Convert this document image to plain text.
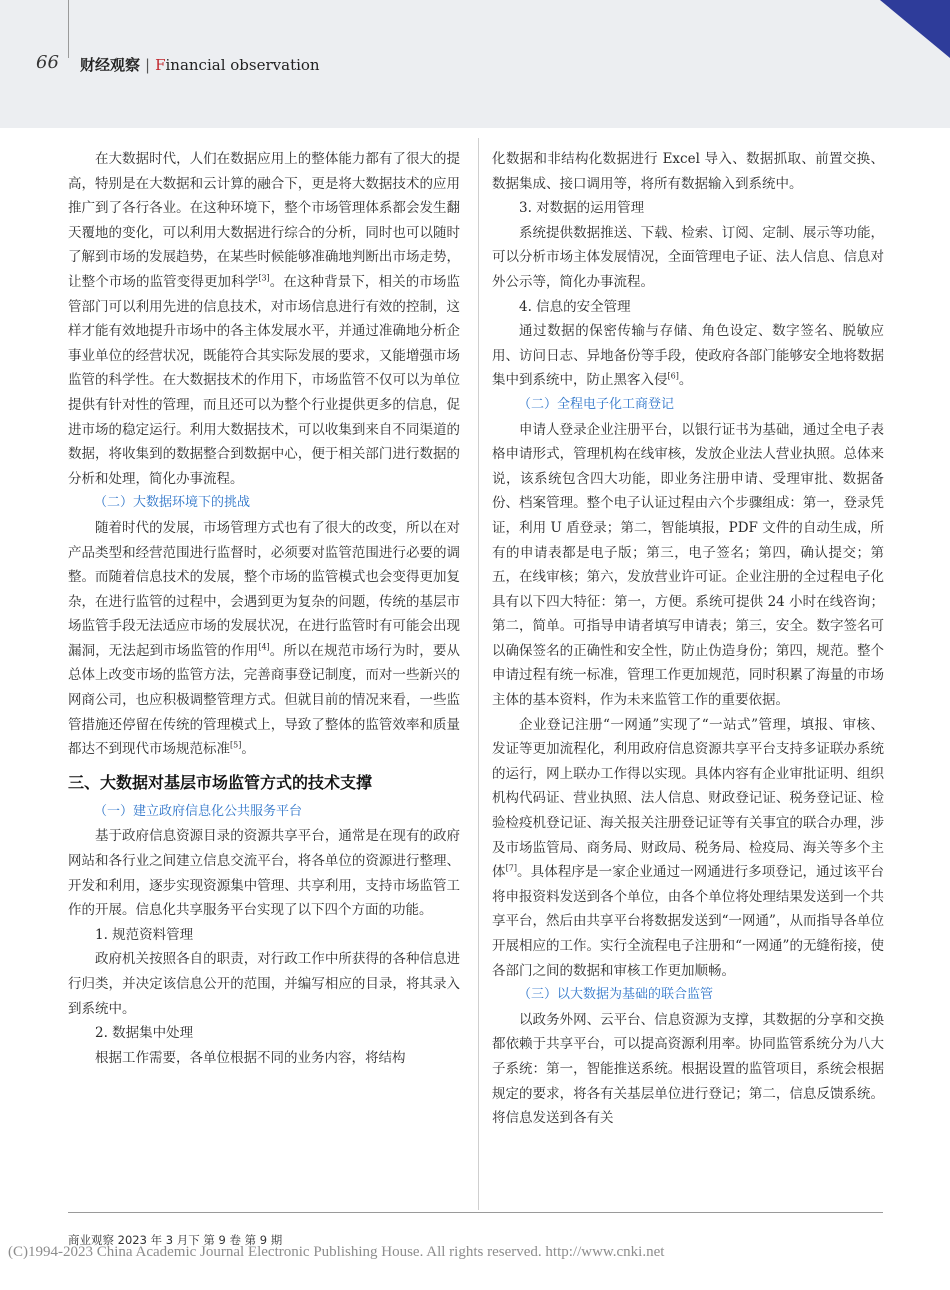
66 财经观察 | Financial observation

在大数据时代，人们在数据应用上的整体能力都有了很大的提高，特别是在大数据和云计算的融合下，更是将大数据技术的应用推广到了各行各业。在这种环境下，整个市场管理体系都会发生翻天覆地的变化，可以利用大数据进行综合的分析，同时也可以随时了解到市场的发展趋势，在某些时候能够准确地判断出市场走势，让整个市场的监管变得更加科学[3]。在这种背景下，相关的市场监管部门可以利用先进的信息技术，对市场信息进行有效的控制，这样才能有效地提升市场中的各主体发展水平，并通过准确地分析企事业单位的经营状况，既能符合其实际发展的要求，又能增强市场监管的科学性。在大数据技术的作用下，市场监管不仅可以为单位提供有针对性的管理，而且还可以为整个行业提供更多的信息，促进市场的稳定运行。利用大数据技术，可以收集到来自不同渠道的数据，将收集到的数据整合到数据中心，便于相关部门进行数据的分析和处理，简化办事流程。

（二）大数据环境下的挑战

随着时代的发展，市场管理方式也有了很大的改变，所以在对产品类型和经营范围进行监督时，必须要对监管范围进行必要的调整。而随着信息技术的发展，整个市场的监管模式也会变得更加复杂，在进行监管的过程中，会遇到更为复杂的问题，传统的基层市场监管手段无法适应市场的发展状况，在进行监管时有可能会出现漏洞，无法起到市场监管的作用[4]。所以在规范市场行为时，要从总体上改变市场的监管方法，完善商事登记制度，而对一些新兴的网商公司，也应积极调整管理方式。但就目前的情况来看，一些监管措施还停留在传统的管理模式上，导致了整体的监管效率和质量都达不到现代市场规范标准[5]。

三、大数据对基层市场监管方式的技术支撑
（一）建立政府信息化公共服务平台

基于政府信息资源目录的资源共享平台，通常是在现有的政府网站和各行业之间建立信息交流平台，将各单位的资源进行整理、开发和利用，逐步实现资源集中管理、共享利用，支持市场监管工作的开展。信息化共享服务平台实现了以下四个方面的功能。

1. 规范资料管理

政府机关按照各自的职责，对行政工作中所获得的各种信息进行归类，并决定该信息公开的范围，并编写相应的目录，将其录入到系统中。

2. 数据集中处理

根据工作需要，各单位根据不同的业务内容，将结构

化数据和非结构化数据进行 Excel 导入、数据抓取、前置交换、数据集成、接口调用等，将所有数据输入到系统中。

3. 对数据的运用管理

系统提供数据推送、下载、检索、订阅、定制、展示等功能，可以分析市场主体发展情况，全面管理电子证、法人信息、信息对外公示等，简化办事流程。

4. 信息的安全管理

通过数据的保密传输与存储、角色设定、数字签名、脱敏应用、访问日志、异地备份等手段，使政府各部门能够安全地将数据集中到系统中，防止黑客入侵[6]。

（二）全程电子化工商登记

申请人登录企业注册平台，以银行证书为基础，通过全电子表格申请形式，管理机构在线审核，发放企业法人营业执照。总体来说，该系统包含四大功能，即业务注册申请、受理审批、数据备份、档案管理。整个电子认证过程由六个步骤组成：第一，登录凭证，利用 U 盾登录；第二，智能填报，PDF 文件的自动生成，所有的申请表都是电子版；第三，电子签名；第四，确认提交；第五，在线审核；第六，发放营业许可证。企业注册的全过程电子化具有以下四大特征：第一，方便。系统可提供 24 小时在线咨询；第二，简单。可指导申请者填写申请表；第三，安全。数字签名可以确保签名的正确性和安全性，防止伪造身份；第四，规范。整个申请过程有统一标准，管理工作更加规范，同时积累了海量的市场主体的基本资料，作为未来监管工作的重要依据。

企业登记注册“一网通”实现了“一站式”管理，填报、审核、发证等更加流程化，利用政府信息资源共享平台支持多证联办系统的运行，网上联办工作得以实现。具体内容有企业审批证明、组织机构代码证、营业执照、法人信息、财政登记证、税务登记证、检验检疫机登记证、海关报关注册登记证等有关事宜的联合办理，涉及市场监管局、商务局、财政局、税务局、检疫局、海关等多个主体[7]。具体程序是一家企业通过一网通进行多项登记，通过该平台将申报资料发送到各个单位，由各个单位将处理结果发送到一个共享平台，然后由共享平台将数据发送到“一网通”，从而指导各单位开展相应的工作。实行全流程电子注册和“一网通”的无缝衔接，使各部门之间的数据和审核工作更加顺畅。

（三）以大数据为基础的联合监管

以政务外网、云平台、信息资源为支撑，其数据的分享和交换都依赖于共享平台，可以提高资源利用率。协同监管系统分为八大子系统：第一，智能推送系统。根据设置的监管项目，系统会根据规定的要求，将各有关基层单位进行登记；第二，信息反馈系统。将信息发送到各有关

商业观察 2023 年 3 月下 第 9 卷 第 9 期
(C)1994-2023 China Academic Journal Electronic Publishing House. All rights reserved. http://www.cnki.net
